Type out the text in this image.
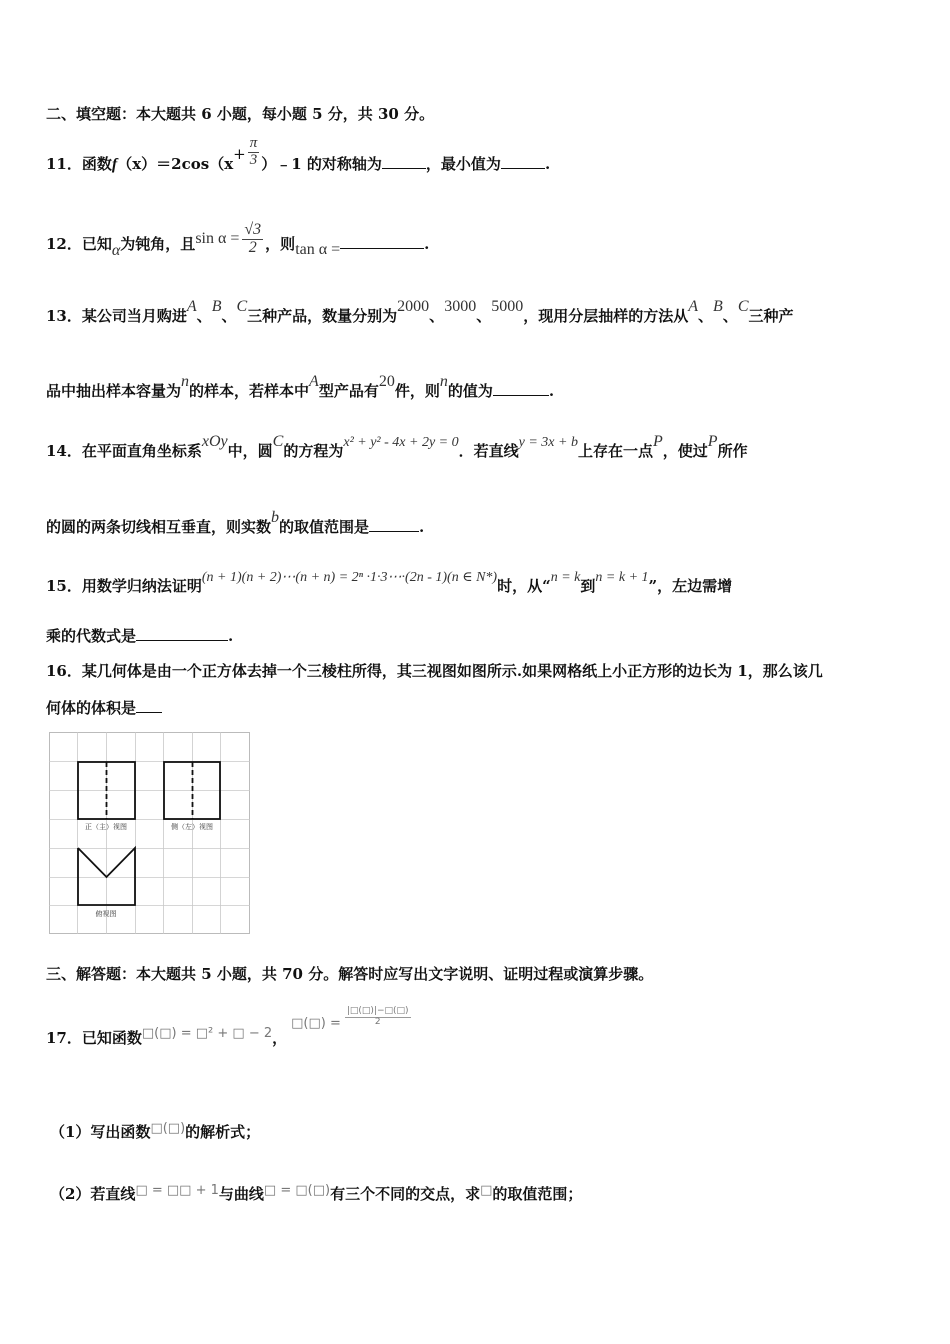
二、填空题：本大题共 6 小题，每小题 5 分，共 30 分。
11．函数$f(x)=2\cos(x+ \frac{\pi}{3}$ ）﹣1 的对称轴为	，最小值为	.
12．已知α为钝角，且$\sin \alpha = \frac{√3}{2}$ ，则tan α =	.
13．某公司当月购进A、B、C三种产品，数量分别为2000、3000、5000，现用分层抽样的方法从A、B、C三种产
品中抽出样本容量为n的样本，若样本中A型产品有20件，则n的值为	.
14．在平面直角坐标系xOy中，圆C的方程为x² + y² - 4x + 2y = 0．若直线y = 3x + b上存在一点P，使过P所作
的圆的两条切线相互垂直，则实数b的取值范围是	.
15．用数学归纳法证明(n + 1)(n + 2)⋯(n + n) = 2ⁿ ·1·3⋯·(2n - 1)(n ∈ N*)时，从“n = k到n = k + 1”，左边需增
乘的代数式是	.
16．某几何体是由一个正方体去掉一个三棱柱所得，其三视图如图所示.如果网格纸上小正方形的边长为 1，那么该几
何体的体积是
正（主）视图	侧（左）视图
俯视图
三、解答题：本大题共 5 小题，共 70 分。解答时应写出文字说明、证明过程或演算步骤。
17．已知函数□(□) = □² + □ − 2，□(□) = $\frac{|□(□)|-□(□)}{2}$
（1）写出函数□(□)的解析式；
（2）若直线□ = □□ + 1与曲线□ = □(□)有三个不同的交点，求□的取值范围；
